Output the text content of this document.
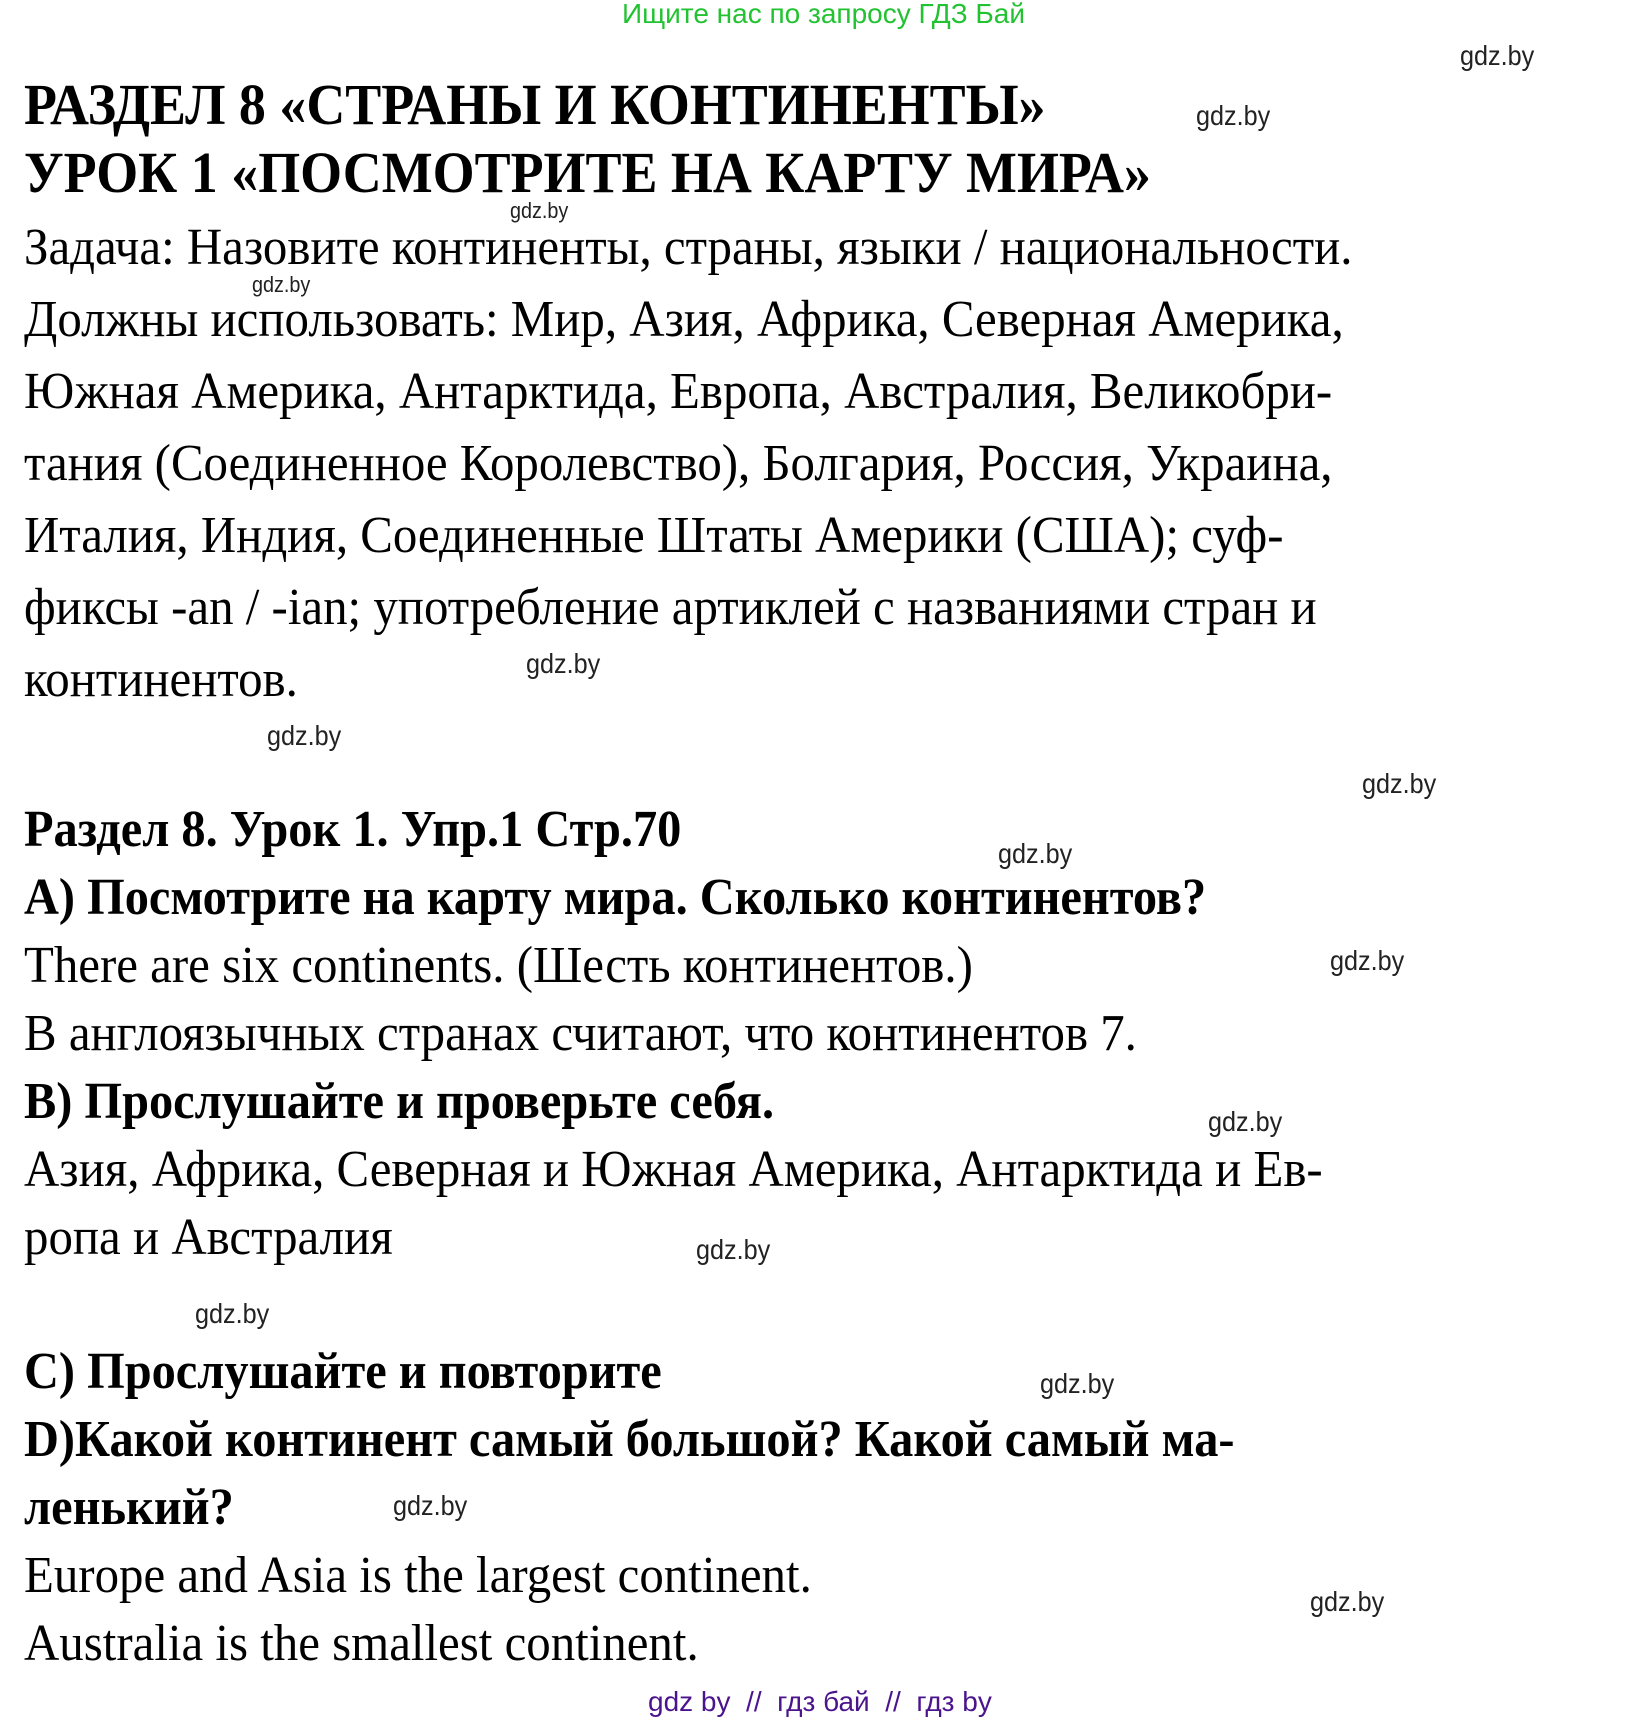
Ищите нас по запросу ГДЗ Бай
РАЗДЕЛ 8 «СТРАНЫ И КОНТИНЕНТЫ»
УРОК 1 «ПОСМОТРИТЕ НА КАРТУ МИРА»
Задача: Назовите континенты, страны, языки / национальности.
Должны использовать: Мир, Азия, Африка, Северная Америка,
Южная Америка, Антарктида, Европа, Австралия, Великобри-
тания (Соединенное Королевство), Болгария, Россия, Украина,
Италия, Индия, Соединенные Штаты Америки (США); суф-
фиксы -an / -ian; употребление артиклей с названиями стран и
континентов.
Раздел 8. Урок 1. Упр.1 Стр.70
А) Посмотрите на карту мира. Сколько континентов?
There are six continents. (Шесть континентов.)
В англоязычных странах считают, что континентов 7.
В) Прослушайте и проверьте себя.
Азия, Африка, Северная и Южная Америка, Антарктида и Ев-
ропа и Австралия
С) Прослушайте и повторите
D)Какой континент самый большой? Какой самый ма-
ленький?
Europe and Asia is the largest continent.
Australia is the smallest continent.
gdz.by
gdz.by
gdz.by
gdz.by
gdz.by
gdz.by
gdz.by
gdz.by
gdz.by
gdz.by
gdz.by
gdz.by
gdz.by
gdz.by
gdz.by
gdz by  //  гдз бай  //  гдз by
